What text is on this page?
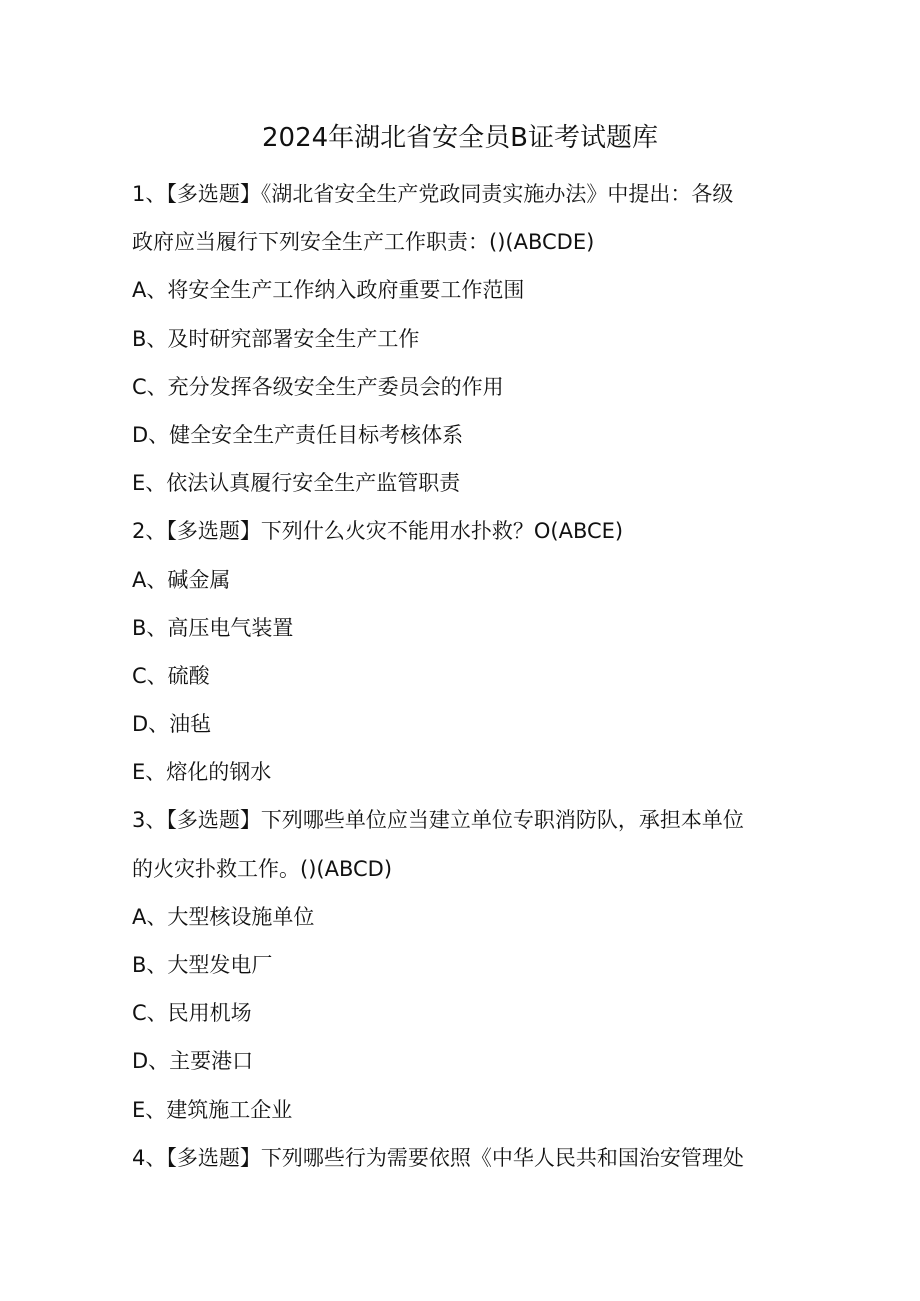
2024年湖北省安全员B证考试题库
1、【多选题】《湖北省安全生产党政同责实施办法》中提出：各级
政府应当履行下列安全生产工作职责：()(ABCDE)
A、将安全生产工作纳入政府重要工作范围
B、及时研究部署安全生产工作
C、充分发挥各级安全生产委员会的作用
D、健全安全生产责任目标考核体系
E、依法认真履行安全生产监管职责
2、【多选题】下列什么火灾不能用水扑救？O(ABCE)
A、碱金属
B、高压电气装置
C、硫酸
D、油毡
E、熔化的钢水
3、【多选题】下列哪些单位应当建立单位专职消防队，承担本单位
的火灾扑救工作。()(ABCD)
A、大型核设施单位
B、大型发电厂
C、民用机场
D、主要港口
E、建筑施工企业
4、【多选题】下列哪些行为需要依照《中华人民共和国治安管理处
